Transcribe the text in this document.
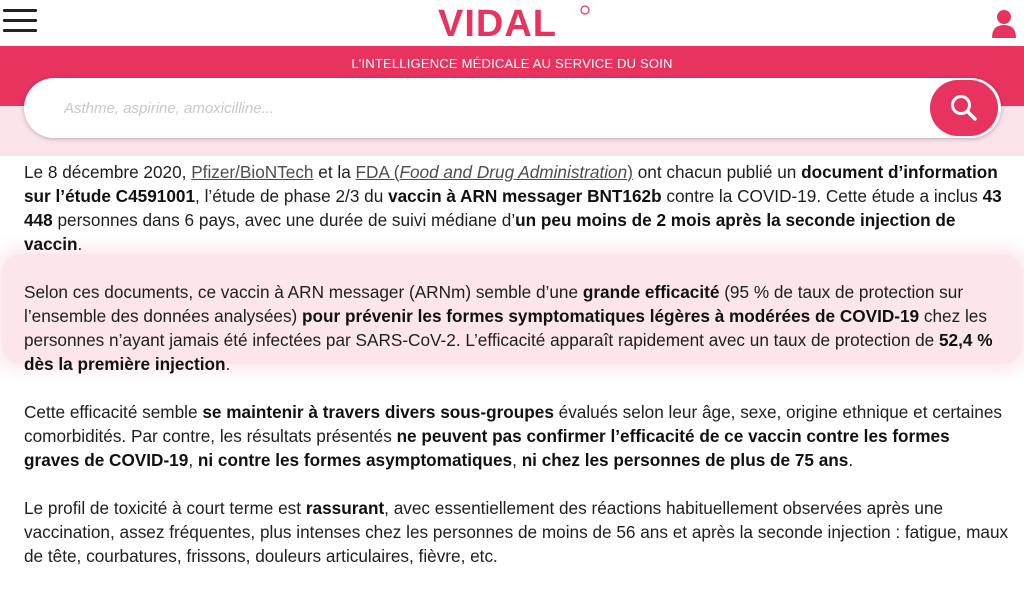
VIDAL
L'INTELLIGENCE MÉDICALE AU SERVICE DU SOIN
Asthme, aspirine, amoxicilline...

Le 8 décembre 2020, Pfizer/BioNTech et la FDA (Food and Drug Administration) ont chacun publié un document d’information sur l’étude C4591001, l’étude de phase 2/3 du vaccin à ARN messager BNT162b contre la COVID-19. Cette étude a inclus 43 448 personnes dans 6 pays, avec une durée de suivi médiane d’un peu moins de 2 mois après la seconde injection de vaccin.

Selon ces documents, ce vaccin à ARN messager (ARNm) semble d’une grande efficacité (95 % de taux de protection sur l’ensemble des données analysées) pour prévenir les formes symptomatiques légères à modérées de COVID-19 chez les personnes n’ayant jamais été infectées par SARS-CoV-2. L’efficacité apparaît rapidement avec un taux de protection de 52,4 % dès la première injection.

Cette efficacité semble se maintenir à travers divers sous-groupes évalués selon leur âge, sexe, origine ethnique et certaines comorbidités. Par contre, les résultats présentés ne peuvent pas confirmer l’efficacité de ce vaccin contre les formes graves de COVID-19, ni contre les formes asymptomatiques, ni chez les personnes de plus de 75 ans.

Le profil de toxicité à court terme est rassurant, avec essentiellement des réactions habituellement observées après une vaccination, assez fréquentes, plus intenses chez les personnes de moins de 56 ans et après la seconde injection : fatigue, maux de tête, courbatures, frissons, douleurs articulaires, fièvre, etc.
